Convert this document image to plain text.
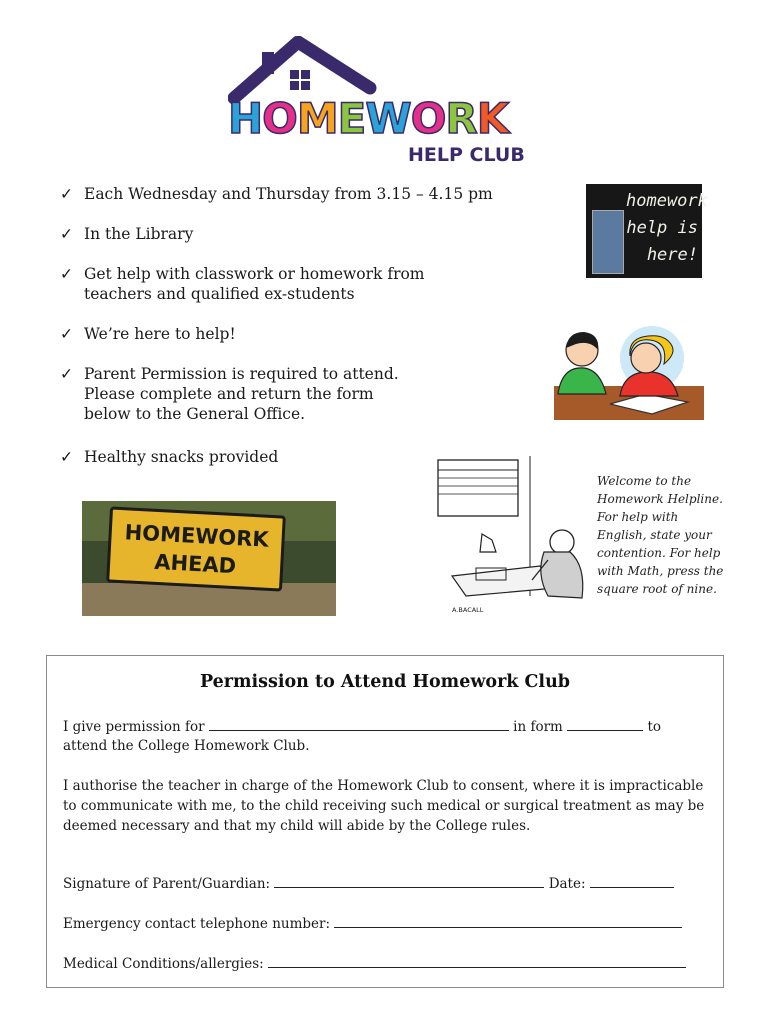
HOMEWORK
HELP CLUB
✓ Each Wednesday and Thursday from 3.15 – 4.15 pm
✓ In the Library
✓ Get help with classwork or homework from
teachers and qualified ex-students
✓ We’re here to help!
✓ Parent Permission is required to attend.
Please complete and return the form
below to the General Office.
✓ Healthy snacks provided
homework help is here!
HOMEWORK
AHEAD
A.BACALL
Welcome to the Homework Helpline. For help with English, state your contention. For help with Math, press the square root of nine.
Permission to Attend Homework Club
I give permission for	in form	to
attend the College Homework Club.
I authorise the teacher in charge of the Homework Club to consent, where it is impracticable to communicate with me, to the child receiving such medical or surgical treatment as may be deemed necessary and that my child will abide by the College rules.
Signature of Parent/Guardian:	Date:
Emergency contact telephone number:
Medical Conditions/allergies:
